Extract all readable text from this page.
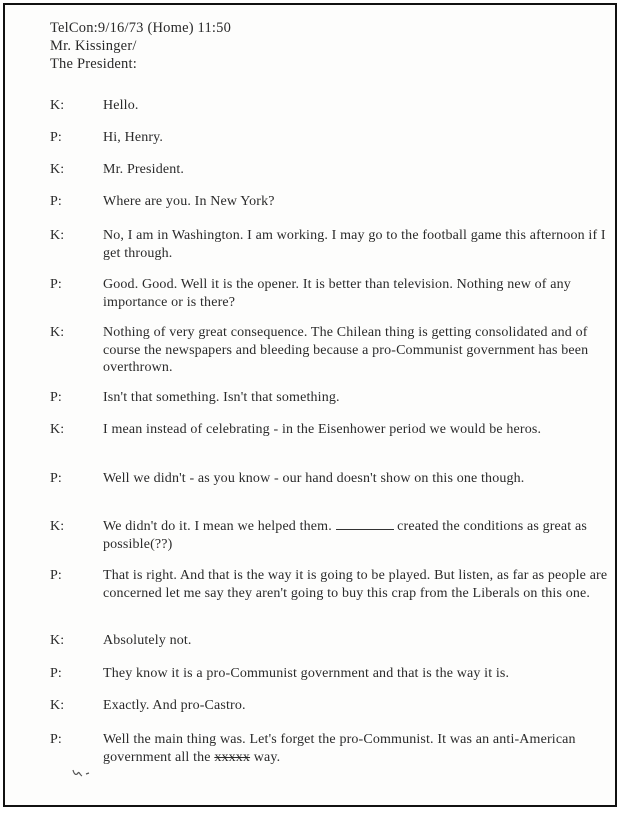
TelCon:9/16/73 (Home) 11:50
Mr. Kissinger/
The President:
K:	Hello.
P:	Hi, Henry.
K:	Mr. President.
P:	Where are you. In New York?
K:	No, I am in Washington. I am working. I may go to the football game this afternoon if I get through.
P:	Good. Good. Well it is the opener. It is better than television. Nothing new of any importance or is there?
K:	Nothing of very great consequence. The Chilean thing is getting consolidated and of course the newspapers and bleeding because a pro-Communist government has been overthrown.
P:	Isn't that something. Isn't that something.
K:	I mean instead of celebrating - in the Eisenhower period we would be heros.
P:	Well we didn't - as you know - our hand doesn't show on this one though.
K:	We didn't do it. I mean we helped them.	created the conditions as great as possible(??)
P:	That is right. And that is the way it is going to be played. But listen, as far as people are concerned let me say they aren't going to buy this crap from the Liberals on this one.
K:	Absolutely not.
P:	They know it is a pro-Communist government and that is the way it is.
K:	Exactly. And pro-Castro.
P:	Well the main thing was. Let's forget the pro-Communist. It was an anti-American government all the xxxxx way.
